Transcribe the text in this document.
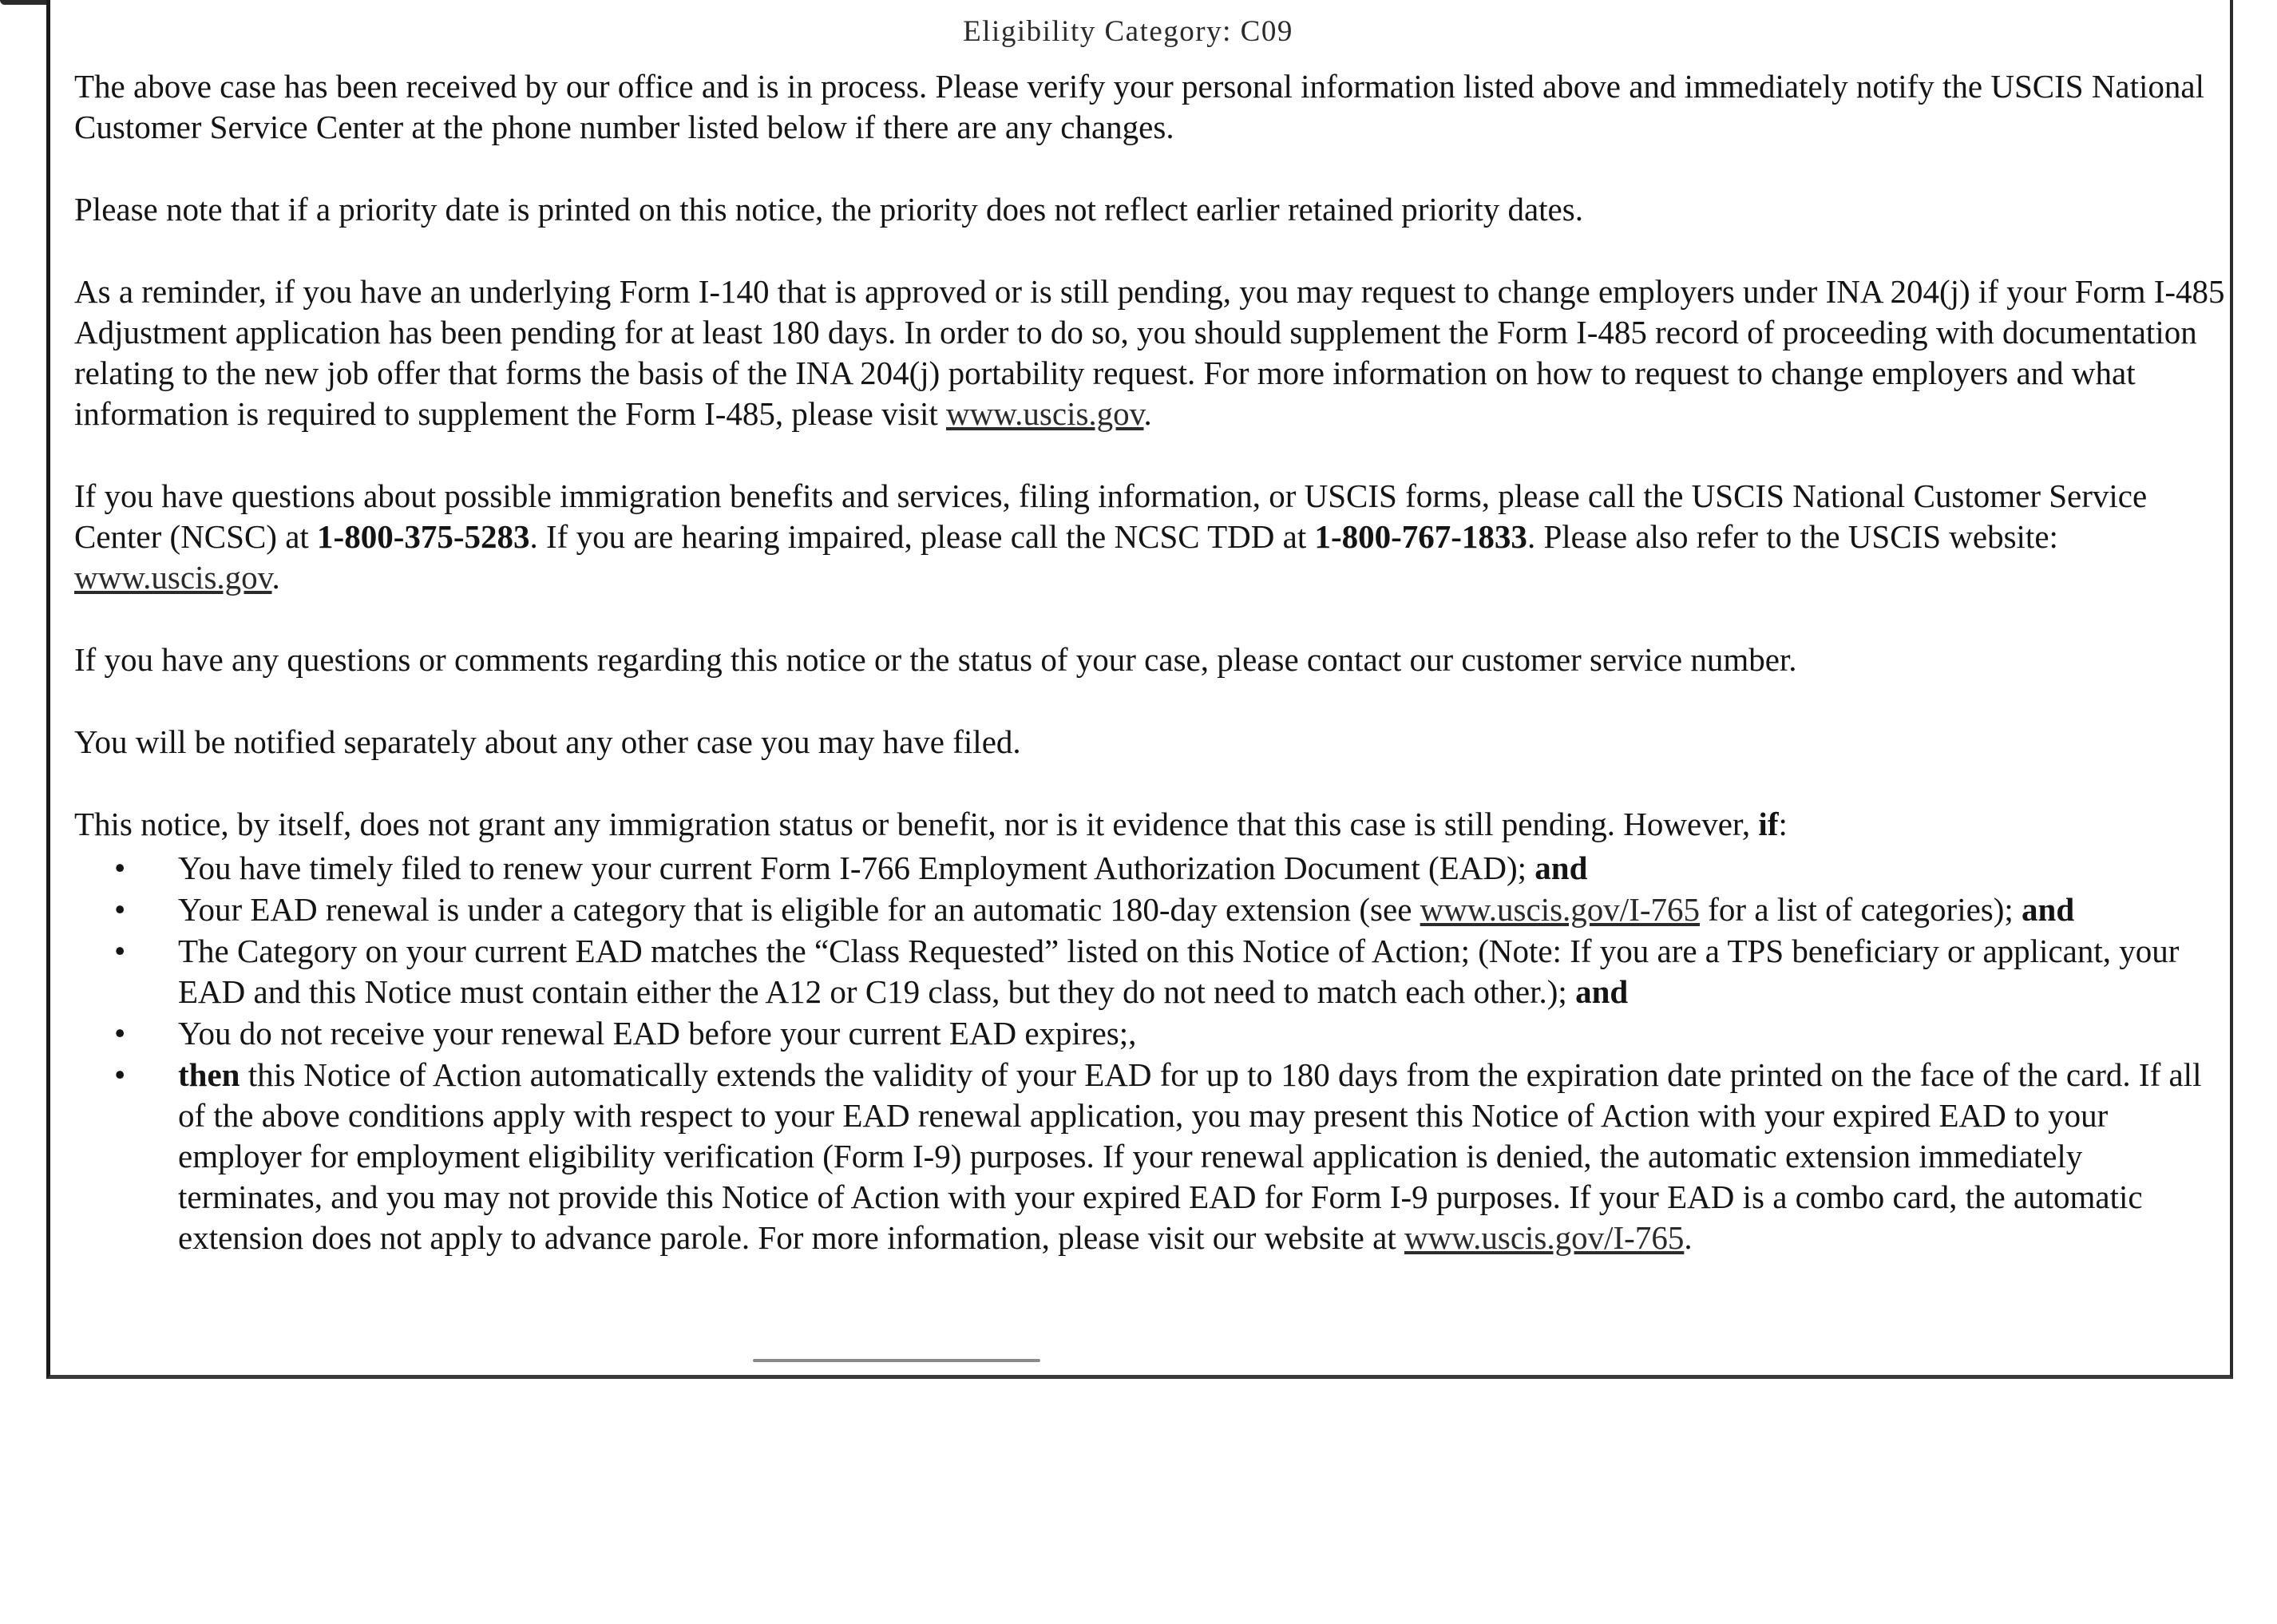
Eligibility Category: C09

The above case has been received by our office and is in process. Please verify your personal information listed above and immediately notify the USCIS National Customer Service Center at the phone number listed below if there are any changes.

Please note that if a priority date is printed on this notice, the priority does not reflect earlier retained priority dates.

As a reminder, if you have an underlying Form I-140 that is approved or is still pending, you may request to change employers under INA 204(j) if your Form I-485 Adjustment application has been pending for at least 180 days. In order to do so, you should supplement the Form I-485 record of proceeding with documentation relating to the new job offer that forms the basis of the INA 204(j) portability request. For more information on how to request to change employers and what information is required to supplement the Form I-485, please visit www.uscis.gov.

If you have questions about possible immigration benefits and services, filing information, or USCIS forms, please call the USCIS National Customer Service Center (NCSC) at 1-800-375-5283. If you are hearing impaired, please call the NCSC TDD at 1-800-767-1833. Please also refer to the USCIS website: www.uscis.gov.

If you have any questions or comments regarding this notice or the status of your case, please contact our customer service number.

You will be notified separately about any other case you may have filed.

This notice, by itself, does not grant any immigration status or benefit, nor is it evidence that this case is still pending. However, if:

• You have timely filed to renew your current Form I-766 Employment Authorization Document (EAD); and
• Your EAD renewal is under a category that is eligible for an automatic 180-day extension (see www.uscis.gov/I-765 for a list of categories); and
• The Category on your current EAD matches the “Class Requested” listed on this Notice of Action; (Note: If you are a TPS beneficiary or applicant, your EAD and this Notice must contain either the A12 or C19 class, but they do not need to match each other.); and
• You do not receive your renewal EAD before your current EAD expires;,
• then this Notice of Action automatically extends the validity of your EAD for up to 180 days from the expiration date printed on the face of the card. If all of the above conditions apply with respect to your EAD renewal application, you may present this Notice of Action with your expired EAD to your employer for employment eligibility verification (Form I-9) purposes. If your renewal application is denied, the automatic extension immediately terminates, and you may not provide this Notice of Action with your expired EAD for Form I-9 purposes. If your EAD is a combo card, the automatic extension does not apply to advance parole. For more information, please visit our website at www.uscis.gov/I-765.
